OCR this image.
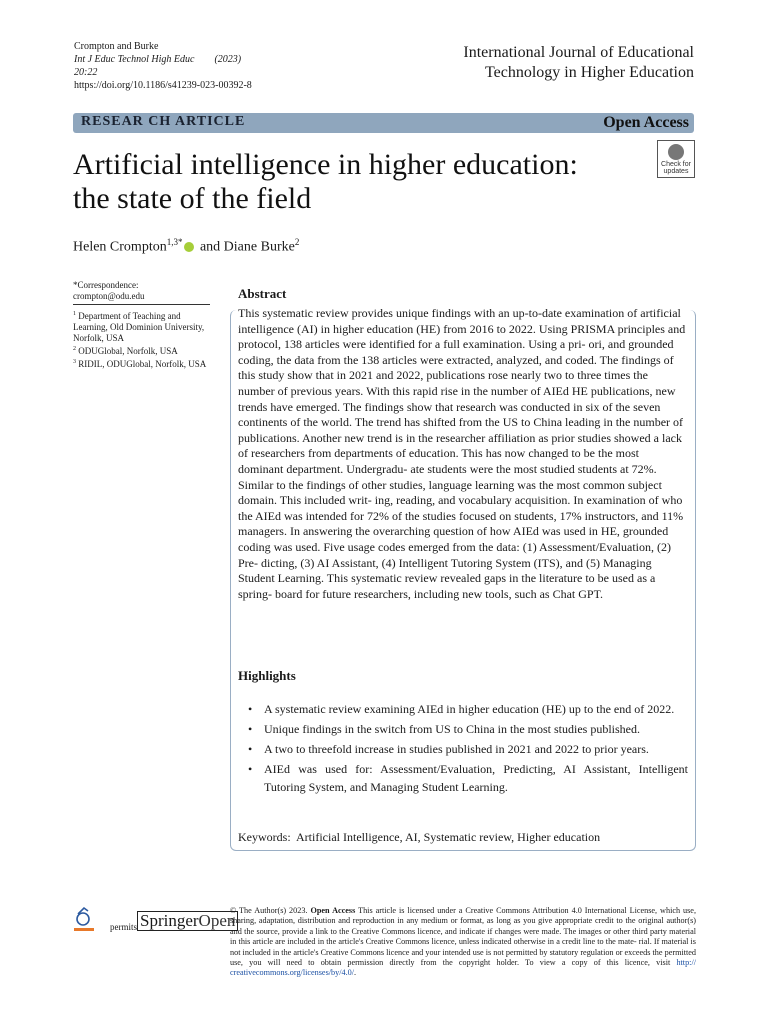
Crompton and Burke
Int J Educ Technol High Educ (2023)
20:22
https://doi.org/10.1186/s41239-023-00392-8
International Journal of Educational
Technology in Higher Education
RESEAR CH ARTICLE	Open Access
Artificial intelligence in higher education:
the state of the field
Check for
updates
Helen Crompton$^{1,3*}$ and Diane Burke$^2$
*Correspondence:
crompton@odu.edu
$^1$ Department of Teaching and Learning, Old Dominion University, Norfolk, USA
$^2$ ODUGlobal, Norfolk, USA
$^3$ RIDIL, ODUGlobal, Norfolk, USA
Abstract
This systematic review provides unique findings with an up-to-date examination of artificial intelligence (AI) in higher education (HE) from 2016 to 2022. Using PRISMA principles and protocol, 138 articles were identified for a full examination. Using a pri- ori, and grounded coding, the data from the 138 articles were extracted, analyzed, and coded. The findings of this study show that in 2021 and 2022, publications rose nearly two to three times the number of previous years. With this rapid rise in the number of AIEd HE publications, new trends have emerged. The findings show that research was conducted in six of the seven continents of the world. The trend has shifted from the US to China leading in the number of publications. Another new trend is in the researcher affiliation as prior studies showed a lack of researchers from departments of education. This has now changed to be the most dominant department. Undergradu- ate students were the most studied students at 72%. Similar to the findings of other studies, language learning was the most common subject domain. This included writ- ing, reading, and vocabulary acquisition. In examination of who the AIEd was intended for 72% of the studies focused on students, 17% instructors, and 11% managers. In answering the overarching question of how AIEd was used in HE, grounded coding was used. Five usage codes emerged from the data: (1) Assessment/Evaluation, (2) Pre- dicting, (3) AI Assistant, (4) Intelligent Tutoring System (ITS), and (5) Managing Student Learning. This systematic review revealed gaps in the literature to be used as a spring- board for future researchers, including new tools, such as Chat GPT.
Highlights
• A systematic review examining AIEd in higher education (HE) up to the end of 2022.
• Unique findings in the switch from US to China in the most studies published.
• A two to threefold increase in studies published in 2021 and 2022 to prior years.
• AIEd was used for: Assessment/Evaluation, Predicting, AI Assistant, Intelligent Tutoring System, and Managing Student Learning.
Keywords: Artificial Intelligence, AI, Systematic review, Higher education
permits SpringerOpen
© The Author(s) 2023. Open Access This article is licensed under a Creative Commons Attribution 4.0 International License, which use, sharing, adaptation, distribution and reproduction in any medium or format, as long as you give appropriate credit to the original author(s) and the source, provide a link to the Creative Commons licence, and indicate if changes were made. The images or other third party material in this article are included in the article's Creative Commons licence, unless indicated otherwise in a credit line to the mate- rial. If material is not included in the article's Creative Commons licence and your intended use is not permitted by statutory regulation or exceeds the permitted use, you will need to obtain permission directly from the copyright holder. To view a copy of this licence, visit http:// creativecommons.org/licenses/by/4.0/.
